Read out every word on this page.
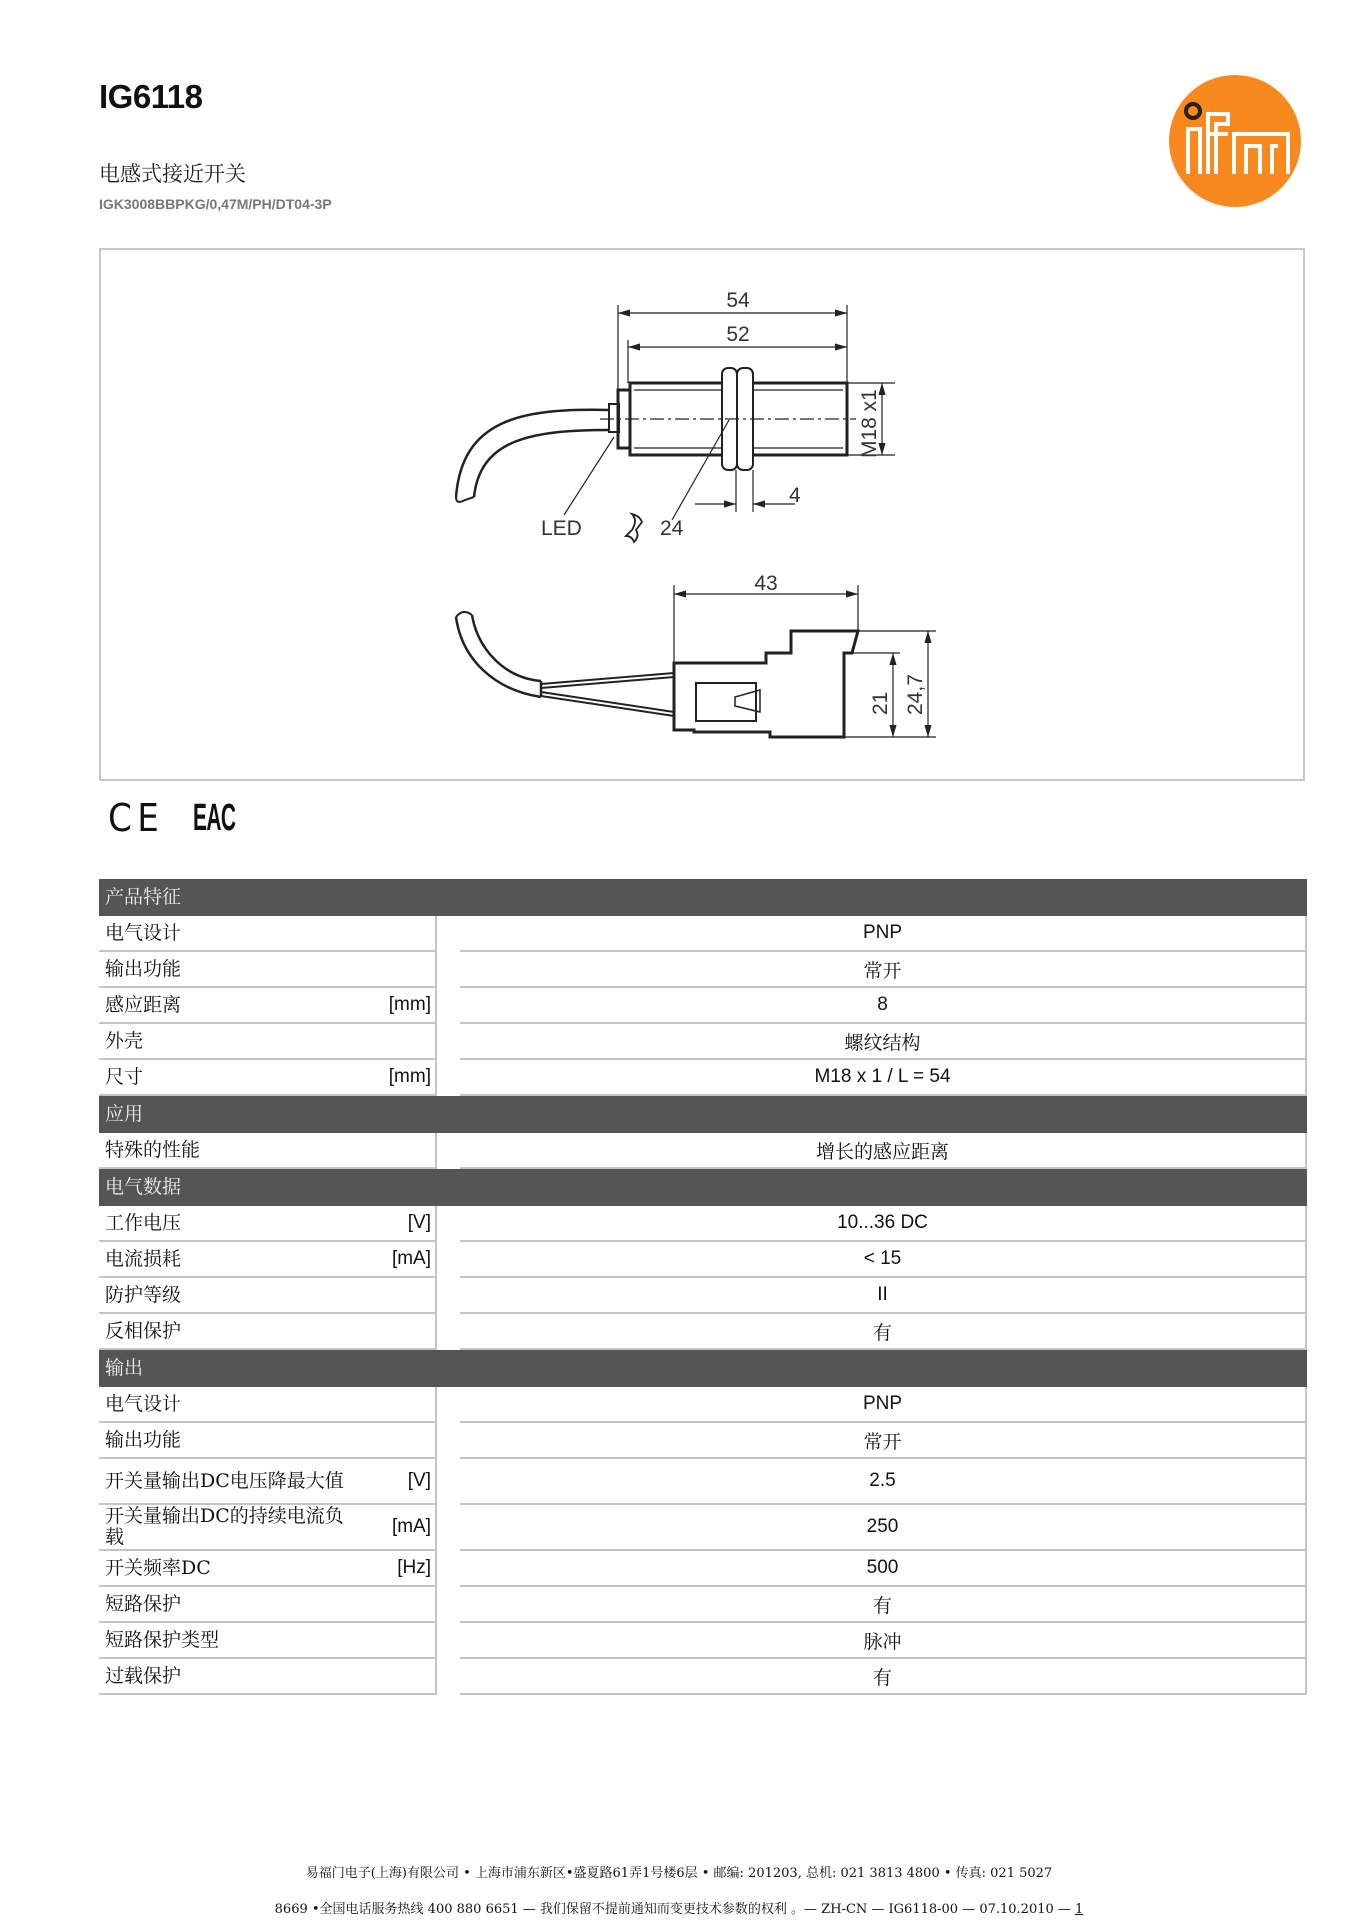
IG6118
电感式接近开关
IGK3008BBPKG/0,47M/PH/DT04-3P
54
52
M18 x1
4
LED	24
43
21 24,7
CE EAC
产品特征
电气设计	PNP
输出功能	常开
感应距离	[mm]	8
外壳	螺纹结构
尺寸	[mm]	M18 x 1 / L = 54
应用
特殊的性能	增长的感应距离
电气数据
工作电压	[V]	10...36 DC
电流损耗	[mA]	< 15
防护等级	II
反相保护	有
输出
电气设计	PNP
输出功能	常开
开关量输出DC电压降最大值	[V]	2.5
开关量输出DC的持续电流负载	[mA]	250
开关频率DC	[Hz]	500
短路保护	有
短路保护类型	脉冲
过载保护	有
易福门电子(上海)有限公司 • 上海市浦东新区•盛夏路61弄1号楼6层 • 邮编: 201203, 总机: 021 3813 4800 • 传真: 021 5027
8669 •全国电话服务热线 400 880 6651 — 我们保留不提前通知而变更技术参数的权利 。— ZH-CN — IG6118-00 — 07.10.2010 — 1
